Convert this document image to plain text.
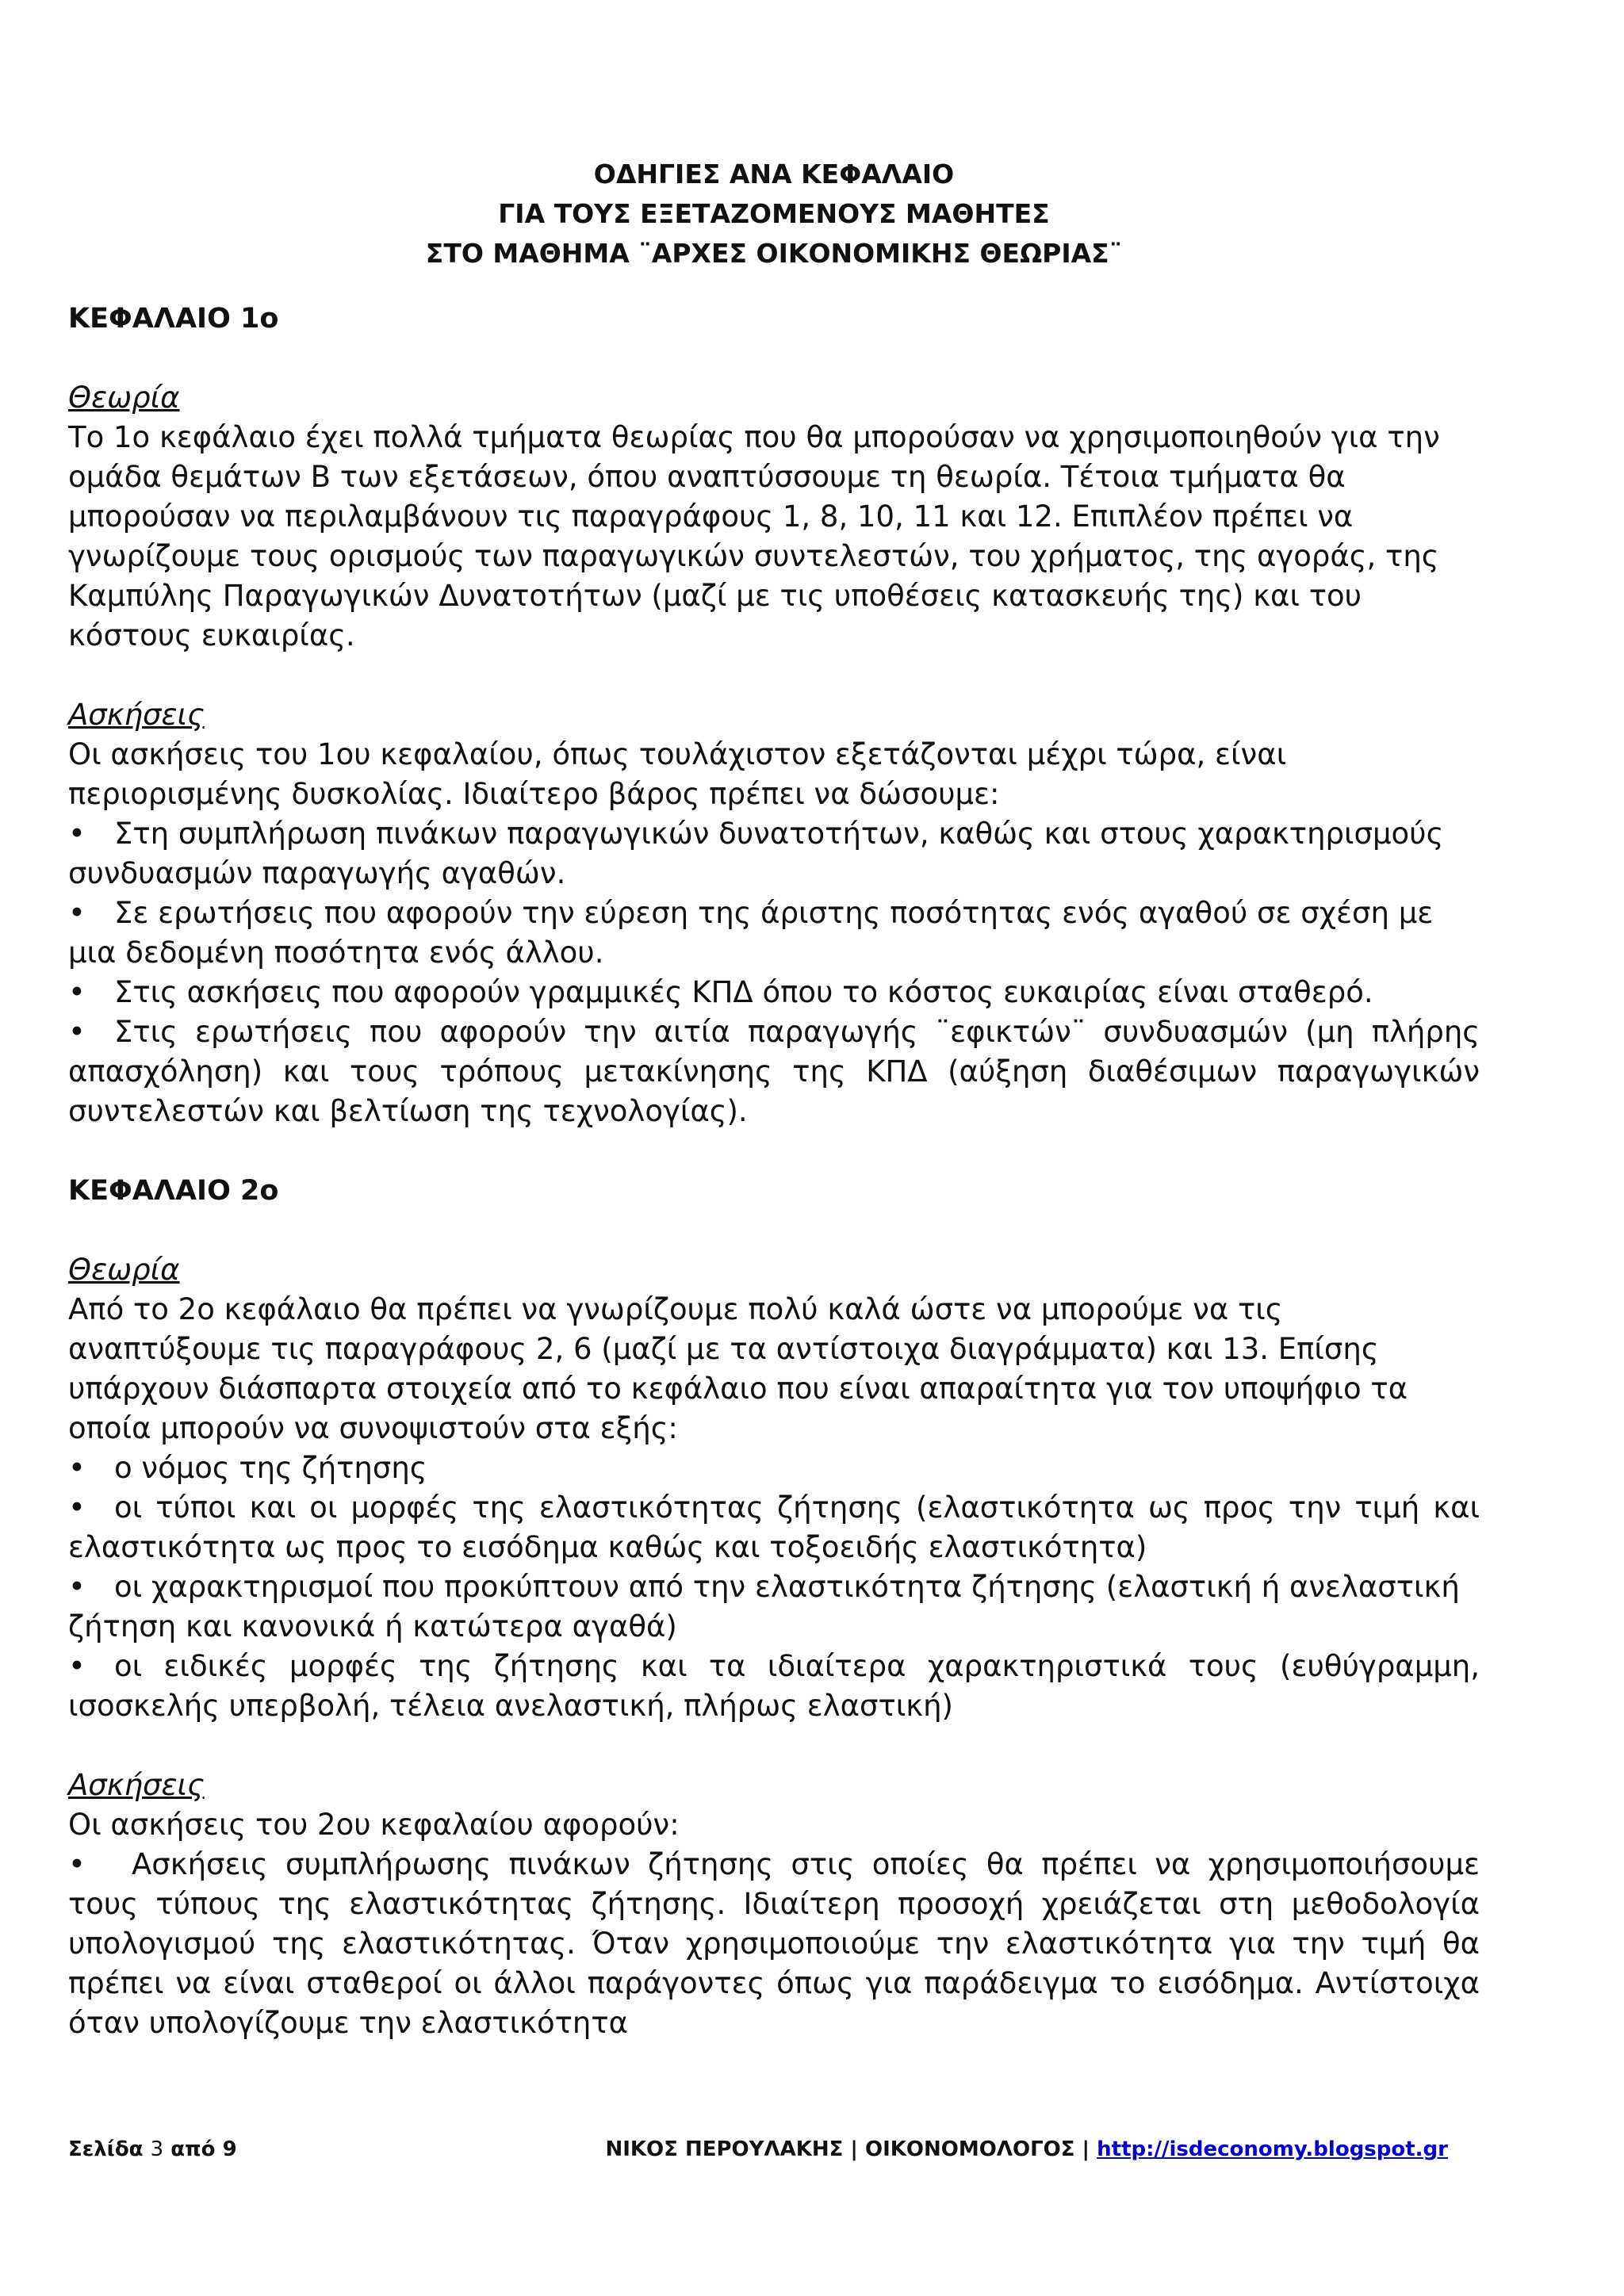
ΟΔΗΓΙΕΣ ΑΝΑ ΚΕΦΑΛΑΙΟ
ΓΙΑ ΤΟΥΣ ΕΞΕΤΑΖΟΜΕΝΟΥΣ ΜΑΘΗΤΕΣ
ΣΤΟ ΜΑΘΗΜΑ ¨ΑΡΧΕΣ ΟΙΚΟΝΟΜΙΚΗΣ ΘΕΩΡΙΑΣ¨
ΚΕΦΑΛΑΙΟ 1ο
Θεωρία

Το 1ο κεφάλαιο έχει πολλά τμήματα θεωρίας που θα μπορούσαν να χρησιμοποιηθούν για την ομάδα θεμάτων Β των εξετάσεων, όπου αναπτύσσουμε τη θεωρία. Τέτοια τμήματα θα μπορούσαν να περιλαμβάνουν τις παραγράφους 1, 8, 10, 11 και 12. Επιπλέον πρέπει να γνωρίζουμε τους ορισμούς των παραγωγικών συντελεστών, του χρήματος, της αγοράς, της Καμπύλης Παραγωγικών Δυνατοτήτων (μαζί με τις υποθέσεις κατασκευής της) και του κόστους ευκαιρίας.

Ασκήσεις

Οι ασκήσεις του 1ου κεφαλαίου, όπως τουλάχιστον εξετάζονται μέχρι τώρα, είναι περιορισμένης δυσκολίας. Ιδιαίτερο βάρος πρέπει να δώσουμε:

• Στη συμπλήρωση πινάκων παραγωγικών δυνατοτήτων, καθώς και στους χαρακτηρισμούς συνδυασμών παραγωγής αγαθών.

• Σε ερωτήσεις που αφορούν την εύρεση της άριστης ποσότητας ενός αγαθού σε σχέση με μια δεδομένη ποσότητα ενός άλλου.

• Στις ασκήσεις που αφορούν γραμμικές ΚΠΔ όπου το κόστος ευκαιρίας είναι σταθερό.

• Στις ερωτήσεις που αφορούν την αιτία παραγωγής ¨εφικτών¨ συνδυασμών (μη πλήρης απασχόληση) και τους τρόπους μετακίνησης της ΚΠΔ (αύξηση διαθέσιμων παραγωγικών συντελεστών και βελτίωση της τεχνολογίας).

ΚΕΦΑΛΑΙΟ 2ο
Θεωρία

Από το 2ο κεφάλαιο θα πρέπει να γνωρίζουμε πολύ καλά ώστε να μπορούμε να τις αναπτύξουμε τις παραγράφους 2, 6 (μαζί με τα αντίστοιχα διαγράμματα) και 13. Επίσης υπάρχουν διάσπαρτα στοιχεία από το κεφάλαιο που είναι απαραίτητα για τον υποψήφιο τα οποία μπορούν να συνοψιστούν στα εξής:

• ο νόμος της ζήτησης

• οι τύποι και οι μορφές της ελαστικότητας ζήτησης (ελαστικότητα ως προς την τιμή και ελαστικότητα ως προς το εισόδημα καθώς και τοξοειδής ελαστικότητα)

• οι χαρακτηρισμοί που προκύπτουν από την ελαστικότητα ζήτησης (ελαστική ή ανελαστική ζήτηση και κανονικά ή κατώτερα αγαθά)

• οι ειδικές μορφές της ζήτησης και τα ιδιαίτερα χαρακτηριστικά τους (ευθύγραμμη, ισοσκελής υπερβολή, τέλεια ανελαστική, πλήρως ελαστική)

Ασκήσεις

Οι ασκήσεις του 2ου κεφαλαίου αφορούν:

• Ασκήσεις συμπλήρωσης πινάκων ζήτησης στις οποίες θα πρέπει να χρησιμοποιήσουμε τους τύπους της ελαστικότητας ζήτησης. Ιδιαίτερη προσοχή χρειάζεται στη μεθοδολογία υπολογισμού της ελαστικότητας. Όταν χρησιμοποιούμε την ελαστικότητα για την τιμή θα πρέπει να είναι σταθεροί οι άλλοι παράγοντες όπως για παράδειγμα το εισόδημα. Αντίστοιχα όταν υπολογίζουμε την ελαστικότητα

Σελίδα 3 από 9	ΝΙΚΟΣ ΠΕΡΟΥΛΑΚΗΣ | ΟΙΚΟΝΟΜΟΛΟΓΟΣ | http://isdeconomy.blogspot.gr
